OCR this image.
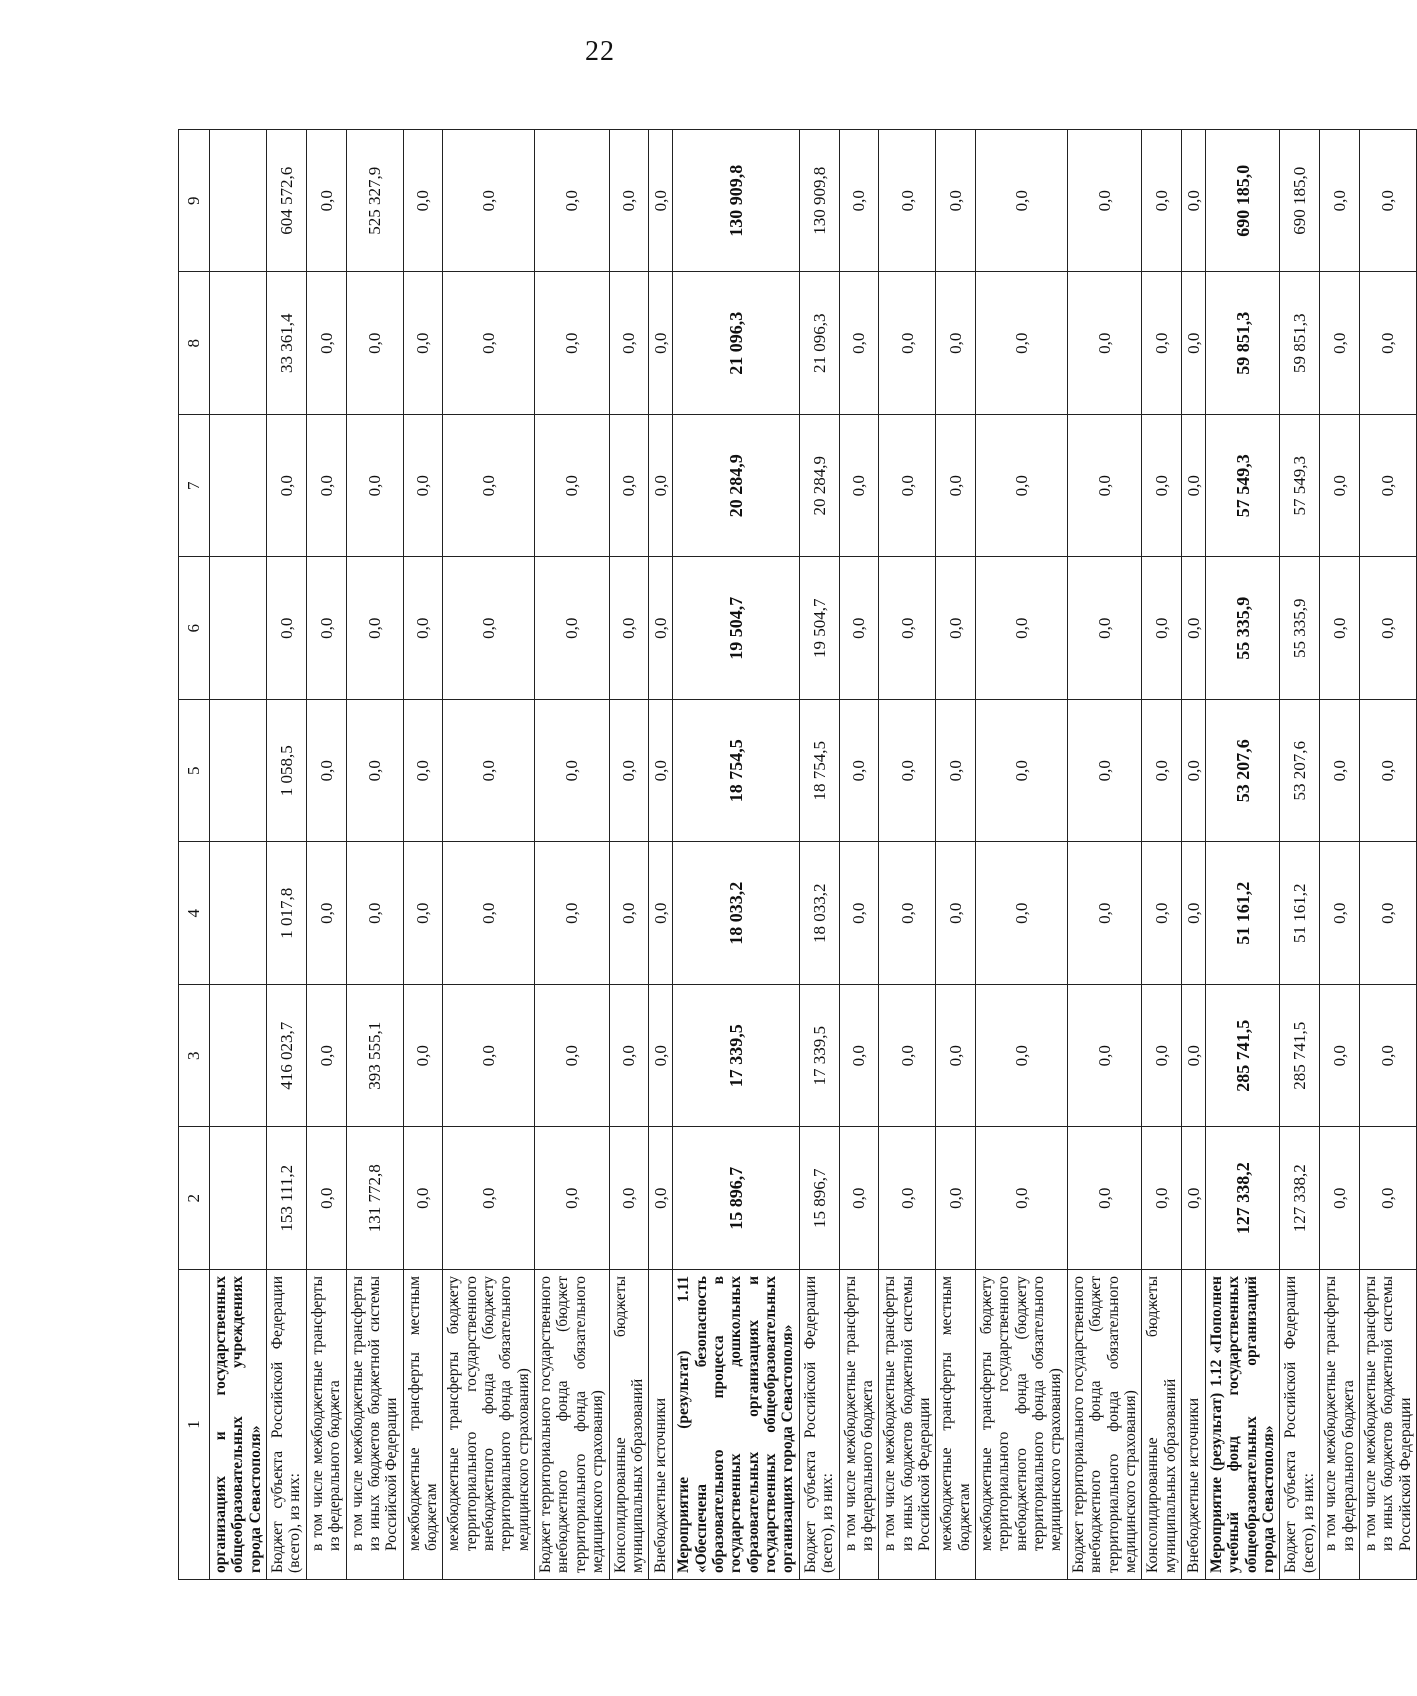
22
1	2	3	4	5	6	7	8	9
организациях и государственных общеобразовательных учреждениях города Севастополя»								
Бюджет субъекта Российской Федерации (всего), из них:	153 111,2	416 023,7	1 017,8	1 058,5	0,0	0,0	33 361,4	604 572,6
в том числе межбюджетные трансферты из федерального бюджета	0,0	0,0	0,0	0,0	0,0	0,0	0,0	0,0
в том числе межбюджетные трансферты из иных бюджетов бюджетной системы Российской Федерации	131 772,8	393 555,1	0,0	0,0	0,0	0,0	0,0	525 327,9
межбюджетные трансферты местным бюджетам	0,0	0,0	0,0	0,0	0,0	0,0	0,0	0,0
межбюджетные трансферты бюджету территориального государственного внебюджетного фонда (бюджету территориального фонда обязательного медицинского страхования)	0,0	0,0	0,0	0,0	0,0	0,0	0,0	0,0
Бюджет территориального государственного внебюджетного фонда (бюджет территориального фонда обязательного медицинского страхования)	0,0	0,0	0,0	0,0	0,0	0,0	0,0	0,0
Консолидированные бюджеты муниципальных образований	0,0	0,0	0,0	0,0	0,0	0,0	0,0	0,0
Внебюджетные источники	0,0	0,0	0,0	0,0	0,0	0,0	0,0	0,0
Мероприятие (результат) 1.11 «Обеспечена безопасность образовательного процесса в государственных дошкольных образовательных организациях и государственных общеобразовательных организациях города Севастополя»	15 896,7	17 339,5	18 033,2	18 754,5	19 504,7	20 284,9	21 096,3	130 909,8
Бюджет субъекта Российской Федерации (всего), из них:	15 896,7	17 339,5	18 033,2	18 754,5	19 504,7	20 284,9	21 096,3	130 909,8
в том числе межбюджетные трансферты из федерального бюджета	0,0	0,0	0,0	0,0	0,0	0,0	0,0	0,0
в том числе межбюджетные трансферты из иных бюджетов бюджетной системы Российской Федерации	0,0	0,0	0,0	0,0	0,0	0,0	0,0	0,0
межбюджетные трансферты местным бюджетам	0,0	0,0	0,0	0,0	0,0	0,0	0,0	0,0
межбюджетные трансферты бюджету территориального государственного внебюджетного фонда (бюджету территориального фонда обязательного медицинского страхования)	0,0	0,0	0,0	0,0	0,0	0,0	0,0	0,0
Бюджет территориального государственного внебюджетного фонда (бюджет территориального фонда обязательного медицинского страхования)	0,0	0,0	0,0	0,0	0,0	0,0	0,0	0,0
Консолидированные бюджеты муниципальных образований	0,0	0,0	0,0	0,0	0,0	0,0	0,0	0,0
Внебюджетные источники	0,0	0,0	0,0	0,0	0,0	0,0	0,0	0,0
Мероприятие (результат) 1.12 «Пополнен учебный фонд государственных общеобразовательных организаций города Севастополя»	127 338,2	285 741,5	51 161,2	53 207,6	55 335,9	57 549,3	59 851,3	690 185,0
Бюджет субъекта Российской Федерации (всего), из них:	127 338,2	285 741,5	51 161,2	53 207,6	55 335,9	57 549,3	59 851,3	690 185,0
в том числе межбюджетные трансферты из федерального бюджета	0,0	0,0	0,0	0,0	0,0	0,0	0,0	0,0
в том числе межбюджетные трансферты из иных бюджетов бюджетной системы Российской Федерации	0,0	0,0	0,0	0,0	0,0	0,0	0,0	0,0
